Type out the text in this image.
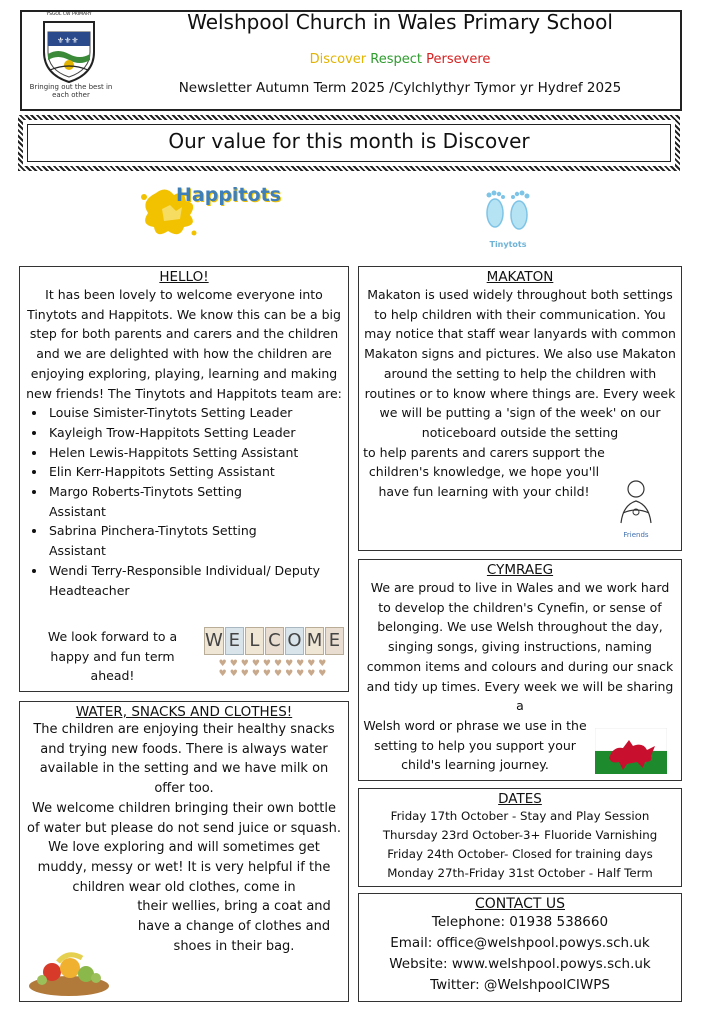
⚜⚜⚜
YSGOL CW PRIMARY
Bringing out the best in each other
Welshpool Church in Wales Primary School
Discover Respect Persevere
Newsletter Autumn Term 2025 /Cylchlythyr Tymor yr Hydref 2025
Our value for this month is Discover
Happitots
Tinytots
HELLO!
It has been lovely to welcome everyone into Tinytots and Happitots. We know this can be a big step for both parents and carers and the children and we are delighted with how the children are enjoying exploring, playing, learning and making new friends! The Tinytots and Happitots team are:
• Louise Simister-Tinytots Setting Leader
• Kayleigh Trow-Happitots Setting Leader
• Helen Lewis-Happitots Setting Assistant
• Elin Kerr-Happitots Setting Assistant
• Margo Roberts-Tinytots Setting Assistant
• Sabrina Pinchera-Tinytots Setting Assistant
• Wendi Terry-Responsible Individual/ Deputy Headteacher
We look forward to a happy and fun term ahead!
W E L C O M E
♥♥♥♥♥♥♥♥♥♥
♥♥♥♥♥♥♥♥♥♥
MAKATON
Makaton is used widely throughout both settings to help children with their communication. You may notice that staff wear lanyards with common Makaton signs and pictures. We also use Makaton around the setting to help the children with routines or to know where things are. Every week we will be putting a 'sign of the week' on our noticeboard outside the setting
to help parents and carers support the children's knowledge, we hope you'll have fun learning with your child!
Friends
CYMRAEG
We are proud to live in Wales and we work hard to develop the children's Cynefin, or sense of belonging. We use Welsh throughout the day, singing songs, giving instructions, naming common items and colours and during our snack and tidy up times. Every week we will be sharing a
Welsh word or phrase we use in the setting to help you support your child's learning journey.
WATER, SNACKS AND CLOTHES!
The children are enjoying their healthy snacks and trying new foods. There is always water available in the setting and we have milk on offer too.
We welcome children bringing their own bottle of water but please do not send juice or squash.
We love exploring and will sometimes get muddy, messy or wet! It is very helpful if the children wear old clothes, come in
their wellies, bring a coat and have a change of clothes and shoes in their bag.
DATES
Friday 17th October - Stay and Play Session
Thursday 23rd October-3+ Fluoride Varnishing
Friday 24th October- Closed for training days
Monday 27th-Friday 31st October - Half Term
CONTACT US
Telephone: 01938 538660
Email: office@welshpool.powys.sch.uk
Website: www.welshpool.powys.sch.uk
Twitter: @WelshpoolCIWPS
